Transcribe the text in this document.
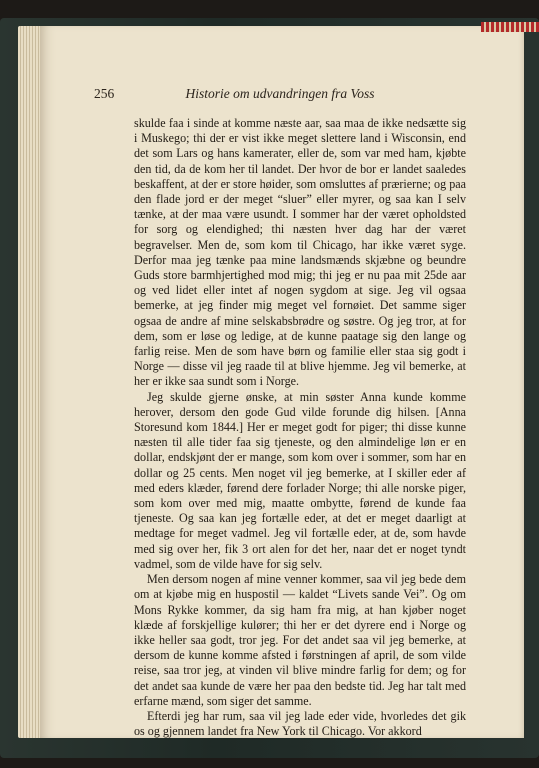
256	Historie om udvandringen fra Voss

skulde faa i sinde at komme næste aar, saa maa de ikke nedsætte sig i Muskego; thi der er vist ikke meget slettere land i Wisconsin, end det som Lars og hans kamerater, eller de, som var med ham, kjøbte den tid, da de kom her til landet. Der hvor de bor er landet saaledes beskaffent, at der er store høider, som omsluttes af prærierne; og paa den flade jord er der meget “sluer” eller myrer, og saa kan I selv tænke, at der maa være usundt. I sommer har der været opholdsted for sorg og elendighed; thi næsten hver dag har der været begravelser. Men de, som kom til Chicago, har ikke været syge. Derfor maa jeg tænke paa mine landsmænds skjæbne og beundre Guds store barmhjertighed mod mig; thi jeg er nu paa mit 25de aar og ved lidet eller intet af nogen sygdom at sige. Jeg vil ogsaa bemerke, at jeg finder mig meget vel fornøiet. Det samme siger ogsaa de andre af mine selskabsbrødre og søstre. Og jeg tror, at for dem, som er løse og ledige, at de kunne paatage sig den lange og farlig reise. Men de som have børn og familie eller staa sig godt i Norge — disse vil jeg raade til at blive hjemme. Jeg vil bemerke, at her er ikke saa sundt som i Norge.

Jeg skulde gjerne ønske, at min søster Anna kunde komme herover, dersom den gode Gud vilde forunde dig hilsen. [Anna Storesund kom 1844.] Her er meget godt for piger; thi disse kunne næsten til alle tider faa sig tjeneste, og den almindelige løn er en dollar, endskjønt der er mange, som kom over i sommer, som har en dollar og 25 cents. Men noget vil jeg bemerke, at I skiller eder af med eders klæder, førend dere forlader Norge; thi alle norske piger, som kom over med mig, maatte ombytte, førend de kunde faa tjeneste. Og saa kan jeg fortælle eder, at det er meget daarligt at medtage for meget vadmel. Jeg vil fortælle eder, at de, som havde med sig over her, fik 3 ort alen for det her, naar det er noget tyndt vadmel, som de vilde have for sig selv.

Men dersom nogen af mine venner kommer, saa vil jeg bede dem om at kjøbe mig en huspostil — kaldet “Livets sande Vei”. Og om Mons Rykke kommer, da sig ham fra mig, at han kjøber noget klæde af forskjellige kulører; thi her er det dyrere end i Norge og ikke heller saa godt, tror jeg. For det andet saa vil jeg bemerke, at dersom de kunne komme afsted i førstningen af april, de som vilde reise, saa tror jeg, at vinden vil blive mindre farlig for dem; og for det andet saa kunde de være her paa den bedste tid. Jeg har talt med erfarne mænd, som siger det samme.

Efterdi jeg har rum, saa vil jeg lade eder vide, hvorledes det gik os og gjennem landet fra New York til Chicago. Vor akkord
